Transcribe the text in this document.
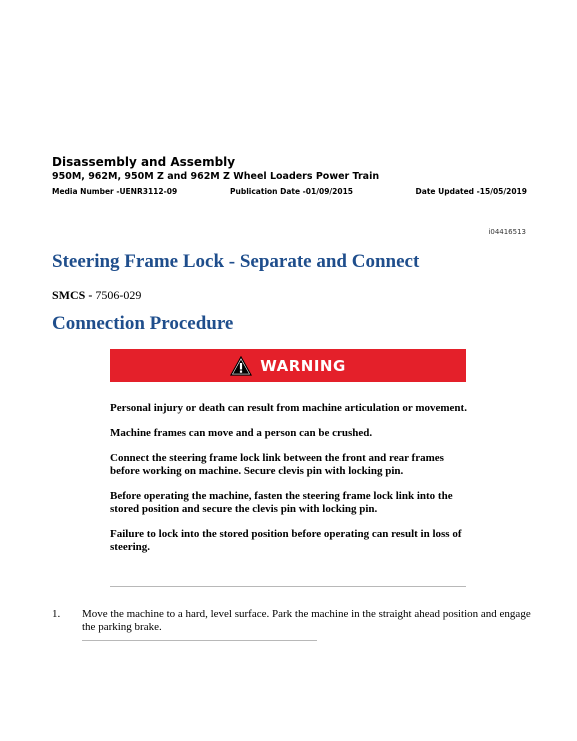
Disassembly and Assembly
950M, 962M, 950M Z and 962M Z Wheel Loaders Power Train
Media Number -UENR3112-09	Publication Date -01/09/2015	Date Updated -15/05/2019
i04416513
Steering Frame Lock - Separate and Connect
SMCS - 7506-029
Connection Procedure
WARNING

Personal injury or death can result from machine articulation or movement.

Machine frames can move and a person can be crushed.

Connect the steering frame lock link between the front and rear frames before working on machine. Secure clevis pin with locking pin.

Before operating the machine, fasten the steering frame lock link into the stored position and secure the clevis pin with locking pin.

Failure to lock into the stored position before operating can result in loss of steering.

1.	Move the machine to a hard, level surface. Park the machine in the straight ahead position and engage the parking brake.
